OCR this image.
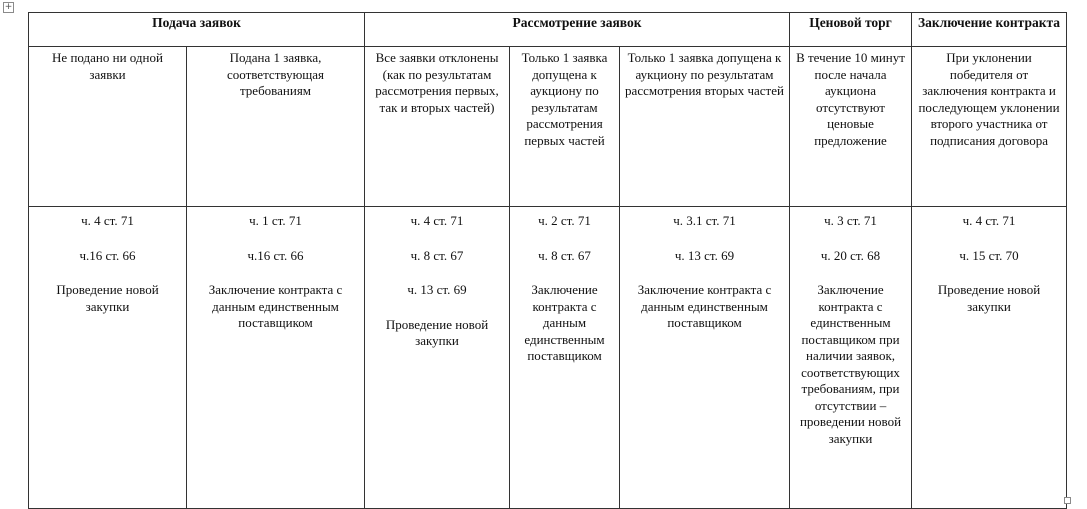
+
Подача заявок		Рассмотрение заявок			Ценовой торг	Заключение контракта
Не подано ни одной заявки	Подана 1 заявка, соответствующая требованиям	Все заявки отклонены (как по результатам рассмотрения первых, так и вторых частей)	Только 1 заявка допущена к аукциону по результатам рассмотрения первых частей	Только 1 заявка допущена к аукциону по результатам рассмотрения вторых частей	В течение 10 минут после начала аукциона отсутствуют ценовые предложение	При уклонении победителя от заключения контракта и последующем уклонении второго участника от подписания договора

ч. 4 ст. 71
ч.16 ст. 66
Проведение новой закупки	ч. 1 ст. 71
ч.16 ст. 66
Заключение контракта с данным единственным поставщиком	ч. 4 ст. 71
ч. 8 ст. 67
ч. 13 ст. 69
Проведение новой закупки	ч. 2 ст. 71
ч. 8 ст. 67
Заключение контракта с данным единственным поставщиком	ч. 3.1 ст. 71
ч. 13 ст. 69
Заключение контракта с данным единственным поставщиком	ч. 3 ст. 71
ч. 20 ст. 68
Заключение контракта с единственным поставщиком при наличии заявок, соответствующих требованиям, при отсутствии – проведении новой закупки	ч. 4 ст. 71
ч. 15 ст. 70
Проведение новой закупки
